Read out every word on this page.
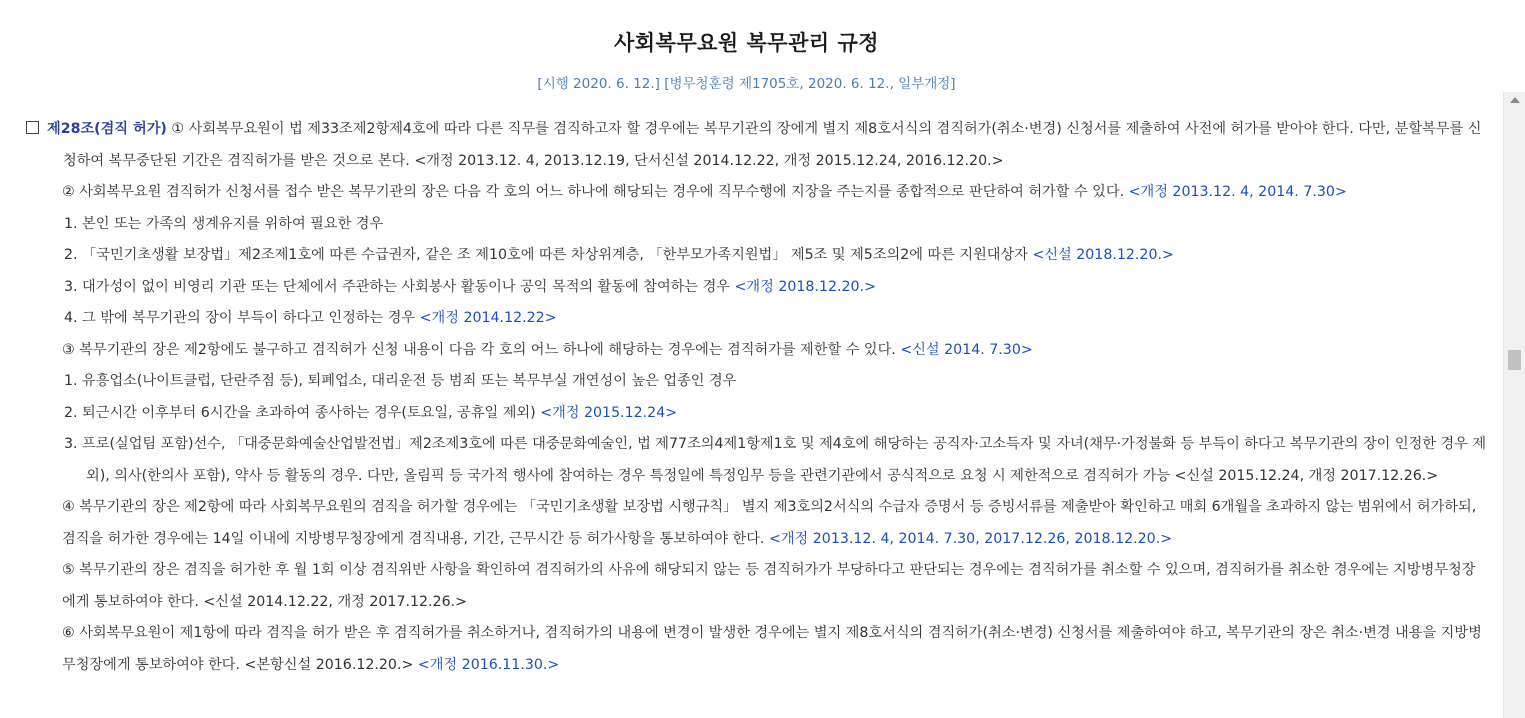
사회복무요원 복무관리 규정
[시행 2020. 6. 12.] [병무청훈령 제1705호, 2020. 6. 12., 일부개정]

제28조(겸직 허가) ① 사회복무요원이 법 제33조제2항제4호에 따라 다른 직무를 겸직하고자 할 경우에는 복무기관의 장에게 별지 제8호서식의 겸직허가(취소·변경) 신청서를 제출하여 사전에 허가를 받아야 한다. 다만, 분할복무를 신청하여 복무중단된 기간은 겸직허가를 받은 것으로 본다. <개정 2013.12. 4, 2013.12.19, 단서신설 2014.12.22, 개정 2015.12.24, 2016.12.20.>

② 사회복무요원 겸직허가 신청서를 접수 받은 복무기관의 장은 다음 각 호의 어느 하나에 해당되는 경우에 직무수행에 지장을 주는지를 종합적으로 판단하여 허가할 수 있다. <개정 2013.12. 4, 2014. 7.30>

1. 본인 또는 가족의 생계유지를 위하여 필요한 경우

2. 「국민기초생활 보장법」제2조제1호에 따른 수급권자, 같은 조 제10호에 따른 차상위계층, 「한부모가족지원법」 제5조 및 제5조의2에 따른 지원대상자 <신설 2018.12.20.>

3. 대가성이 없이 비영리 기관 또는 단체에서 주관하는 사회봉사 활동이나 공익 목적의 활동에 참여하는 경우 <개정 2018.12.20.>

4. 그 밖에 복무기관의 장이 부득이 하다고 인정하는 경우 <개정 2014.12.22>

③ 복무기관의 장은 제2항에도 불구하고 겸직허가 신청 내용이 다음 각 호의 어느 하나에 해당하는 경우에는 겸직허가를 제한할 수 있다. <신설 2014. 7.30>

1. 유흥업소(나이트클럽, 단란주점 등), 퇴폐업소, 대리운전 등 범죄 또는 복무부실 개연성이 높은 업종인 경우

2. 퇴근시간 이후부터 6시간을 초과하여 종사하는 경우(토요일, 공휴일 제외) <개정 2015.12.24>

3. 프로(실업팀 포함)선수, 「대중문화예술산업발전법」제2조제3호에 따른 대중문화예술인, 법 제77조의4제1항제1호 및 제4호에 해당하는 공직자·고소득자 및 자녀(채무·가정불화 등 부득이 하다고 복무기관의 장이 인정한 경우 제외), 의사(한의사 포함), 약사 등 활동의 경우. 다만, 올림픽 등 국가적 행사에 참여하는 경우 특정일에 특정임무 등을 관련기관에서 공식적으로 요청 시 제한적으로 겸직허가 가능 <신설 2015.12.24, 개정 2017.12.26.>

④ 복무기관의 장은 제2항에 따라 사회복무요원의 겸직을 허가할 경우에는 「국민기초생활 보장법 시행규칙」 별지 제3호의2서식의 수급자 증명서 등 증빙서류를 제출받아 확인하고 매회 6개월을 초과하지 않는 범위에서 허가하되, 겸직을 허가한 경우에는 14일 이내에 지방병무청장에게 겸직내용, 기간, 근무시간 등 허가사항을 통보하여야 한다. <개정 2013.12. 4, 2014. 7.30, 2017.12.26, 2018.12.20.>

⑤ 복무기관의 장은 겸직을 허가한 후 월 1회 이상 겸직위반 사항을 확인하여 겸직허가의 사유에 해당되지 않는 등 겸직허가가 부당하다고 판단되는 경우에는 겸직허가를 취소할 수 있으며, 겸직허가를 취소한 경우에는 지방병무청장에게 통보하여야 한다. <신설 2014.12.22, 개정 2017.12.26.>

⑥ 사회복무요원이 제1항에 따라 겸직을 허가 받은 후 겸직허가를 취소하거나, 겸직허가의 내용에 변경이 발생한 경우에는 별지 제8호서식의 겸직허가(취소·변경) 신청서를 제출하여야 하고, 복무기관의 장은 취소·변경 내용을 지방병무청장에게 통보하여야 한다. <본항신설 2016.12.20.> <개정 2016.11.30.>
